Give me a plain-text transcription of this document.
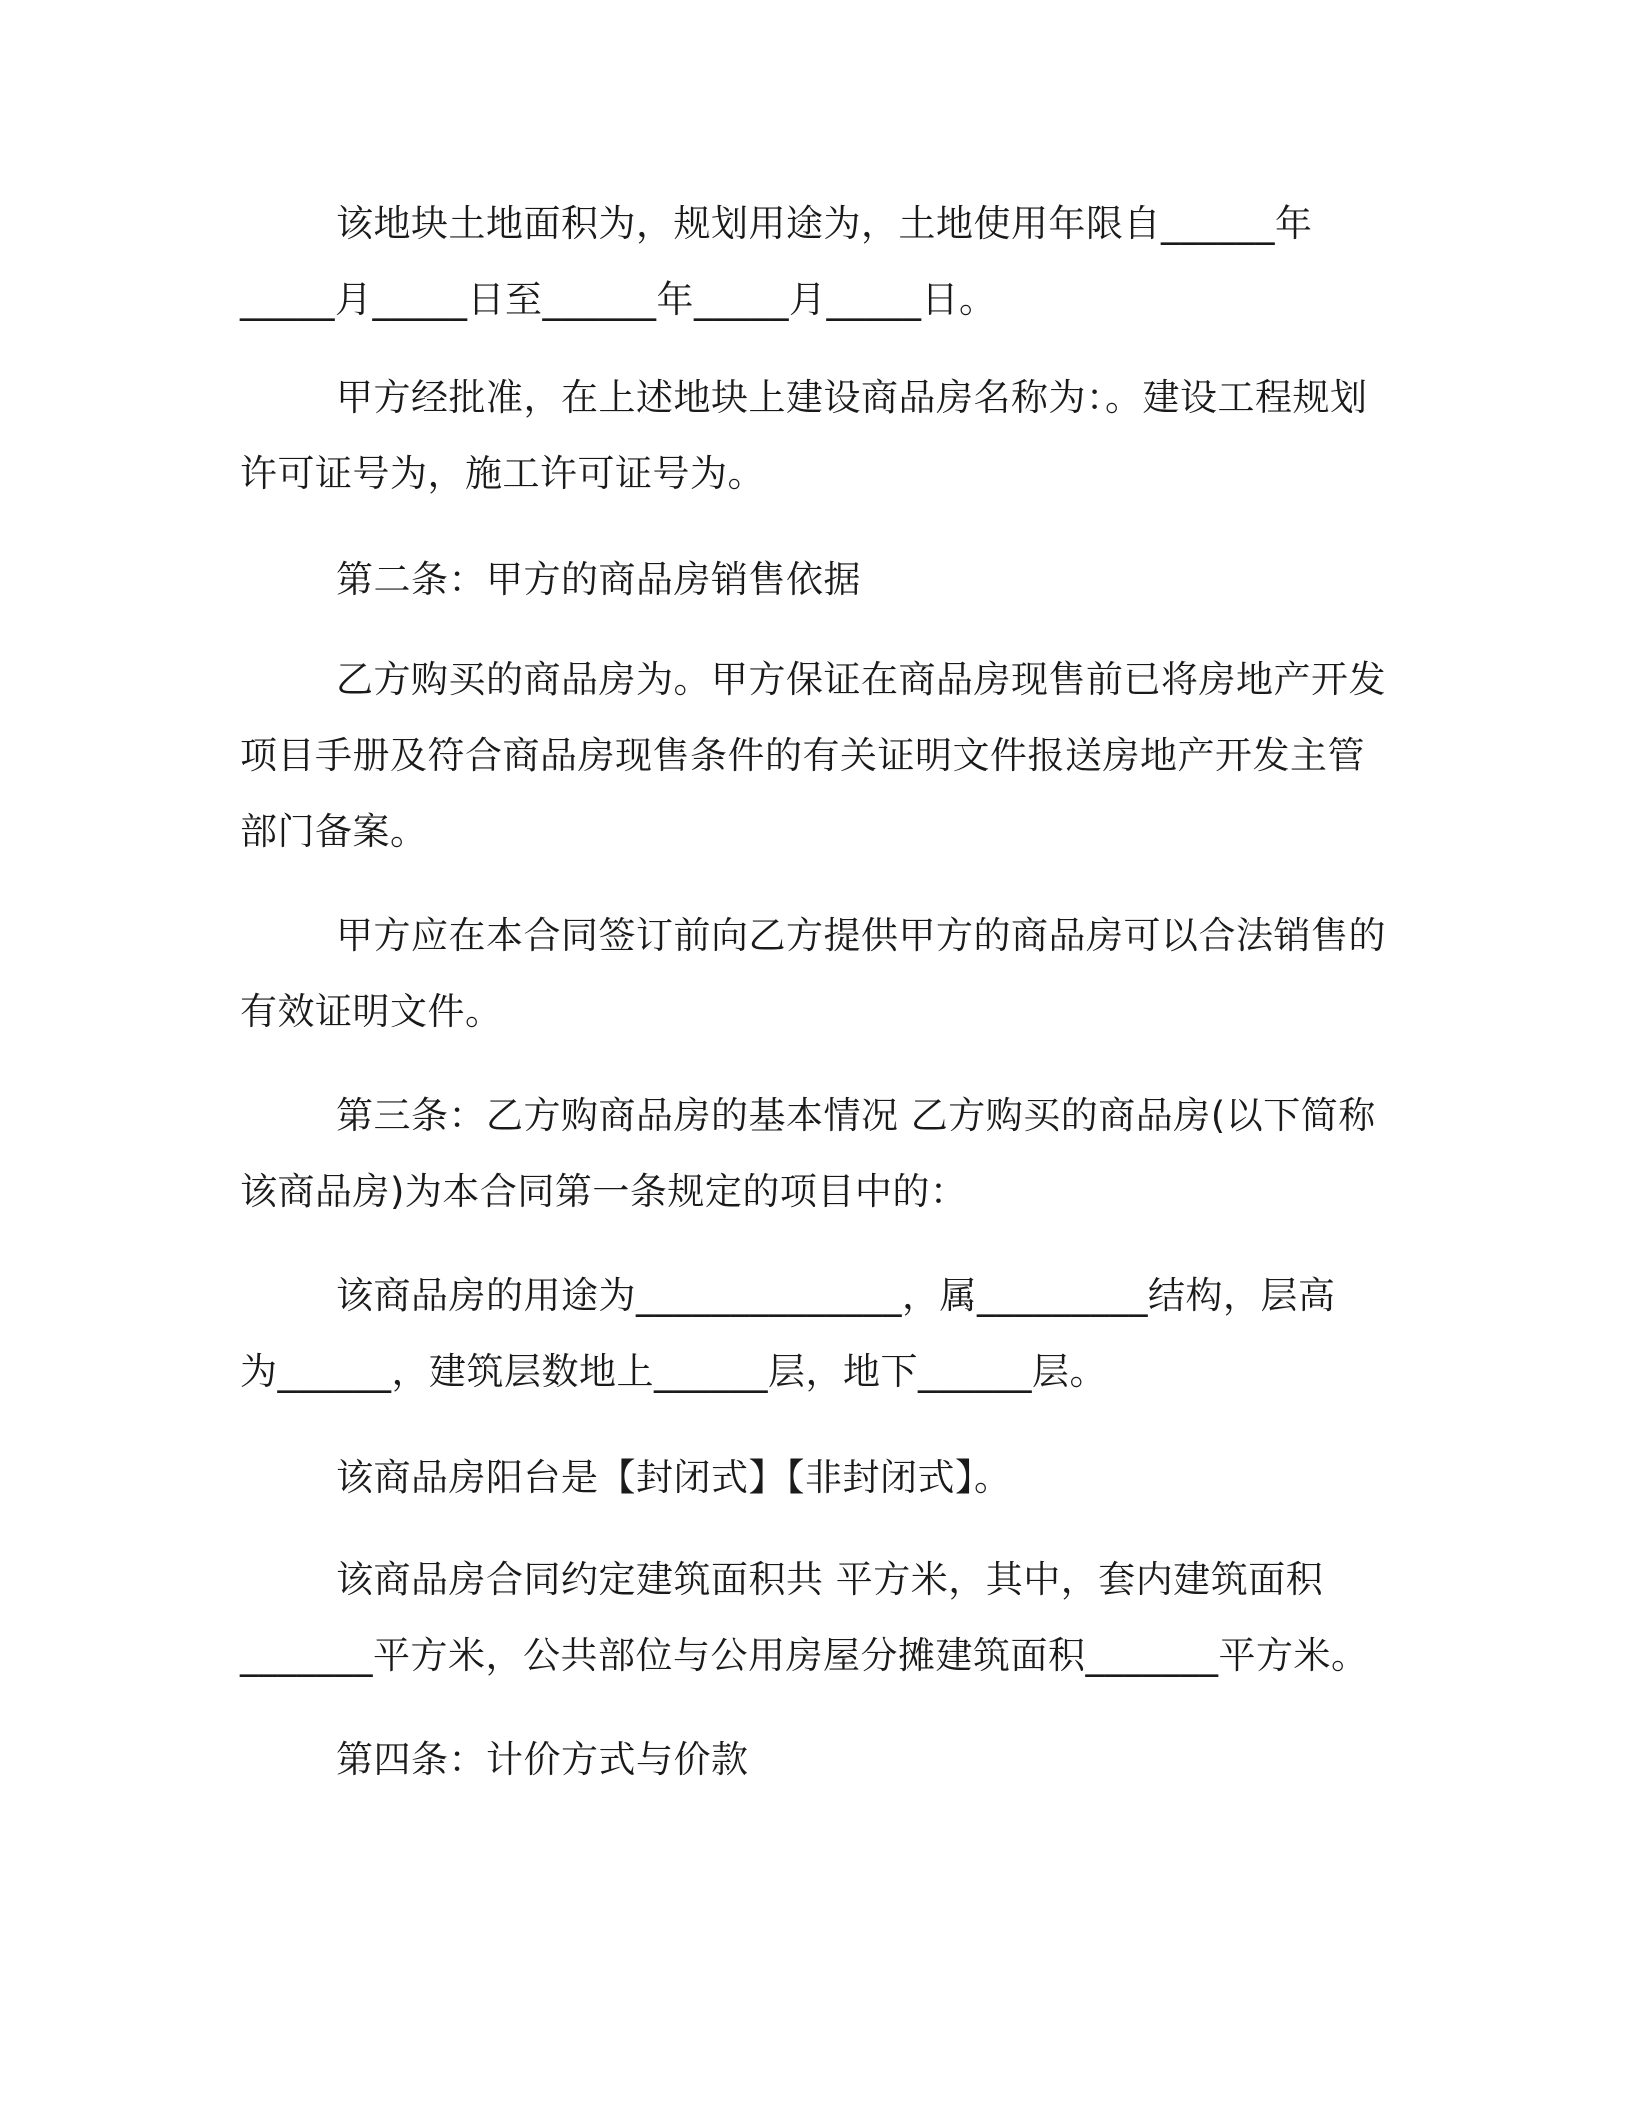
该地块土地面积为，规划用途为，土地使用年限自______年
_____月_____日至______年_____月_____日。
甲方经批准，在上述地块上建设商品房名称为：。建设工程规划
许可证号为，施工许可证号为。
第二条：甲方的商品房销售依据
乙方购买的商品房为。甲方保证在商品房现售前已将房地产开发
项目手册及符合商品房现售条件的有关证明文件报送房地产开发主管
部门备案。
甲方应在本合同签订前向乙方提供甲方的商品房可以合法销售的
有效证明文件。
第三条：乙方购商品房的基本情况 乙方购买的商品房(以下简称
该商品房)为本合同第一条规定的项目中的：
该商品房的用途为______________，属_________结构，层高
为______，建筑层数地上______层，地下______层。
该商品房阳台是【封闭式】【非封闭式】。
该商品房合同约定建筑面积共 平方米，其中，套内建筑面积
_______平方米，公共部位与公用房屋分摊建筑面积_______平方米。
第四条：计价方式与价款
